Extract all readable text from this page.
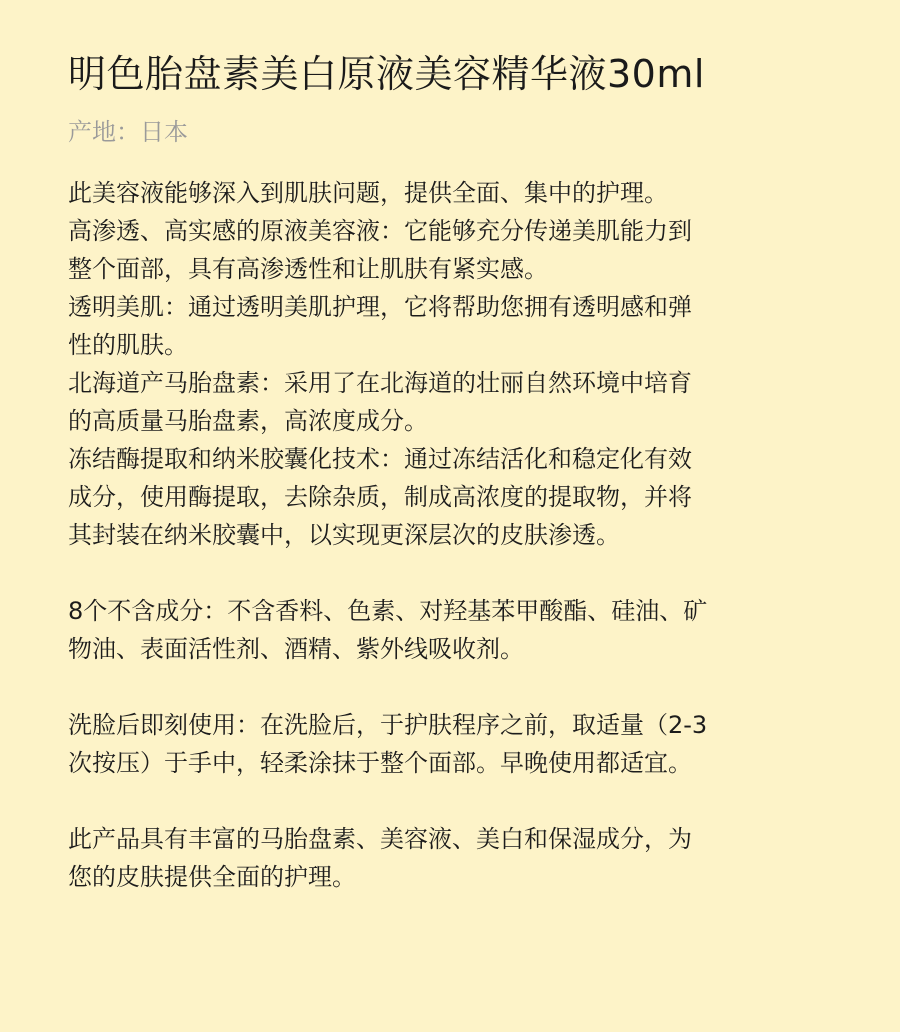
明色胎盘素美白原液美容精华液30ml
产地：日本
此美容液能够深入到肌肤问题，提供全面、集中的护理。
高渗透、高实感的原液美容液：它能够充分传递美肌能力到
整个面部，具有高渗透性和让肌肤有紧实感。
透明美肌：通过透明美肌护理，它将帮助您拥有透明感和弹
性的肌肤。
北海道产马胎盘素：采用了在北海道的壮丽自然环境中培育
的高质量马胎盘素，高浓度成分。
冻结酶提取和纳米胶囊化技术：通过冻结活化和稳定化有效
成分，使用酶提取，去除杂质，制成高浓度的提取物，并将
其封装在纳米胶囊中，以实现更深层次的皮肤渗透。
8个不含成分：不含香料、色素、对羟基苯甲酸酯、硅油、矿
物油、表面活性剂、酒精、紫外线吸收剂。
洗脸后即刻使用：在洗脸后，于护肤程序之前，取适量（2-3
次按压）于手中，轻柔涂抹于整个面部。早晚使用都适宜。
此产品具有丰富的马胎盘素、美容液、美白和保湿成分，为
您的皮肤提供全面的护理。
